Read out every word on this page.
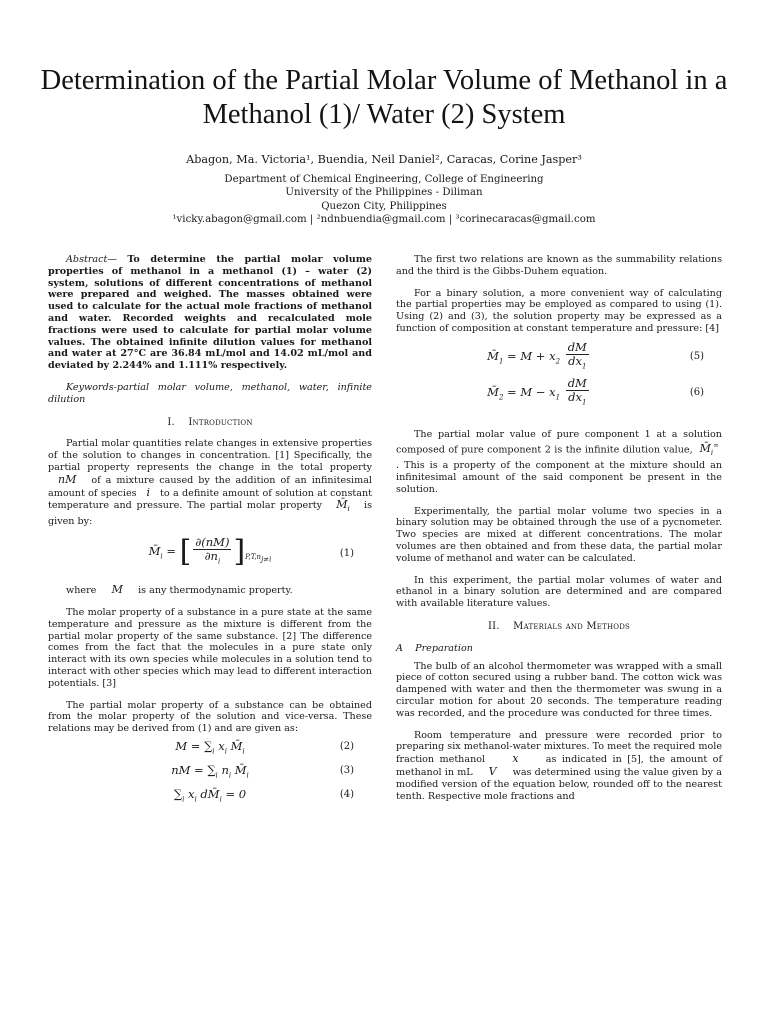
Determination of the Partial Molar Volume of Methanol in a Methanol (1)/ Water (2) System
Abagon, Ma. Victoria¹, Buendia, Neil Daniel², Caracas, Corine Jasper³
Department of Chemical Engineering, College of Engineering
University of the Philippines - Diliman
Quezon City, Philippines
¹vicky.abagon@gmail.com | ²ndnbuendia@gmail.com | ³corinecaracas@gmail.com

Abstract— To determine the partial molar volume properties of methanol in a methanol (1) – water (2) system, solutions of different concentrations of methanol were prepared and weighed. The masses obtained were used to calculate for the actual mole fractions of methanol and water. Recorded weights and recalculated mole fractions were used to calculate for partial molar volume values. The obtained infinite dilution values for methanol and water at 27°C are 36.84 mL/mol and 14.02 mL/mol and deviated by 2.244% and 1.111% respectively.

Keywords-partial molar volume, methanol, water, infinite dilution

I. Introduction

Partial molar quantities relate changes in extensive properties of the solution to changes in concentration. [1] Specifically, the partial property represents the change in the total property   nM of a mixture caused by the addition of an infinitesimal amount of species i to a definite amount of solution at constant temperature and pressure. The partial molar property $M̄_i$ is given by:

$M̄_i$ = [ $\frac{\partial(nM)}{\partial n_i} ]_{P,T,n_{j\ne i}}$	(1)

where M is any thermodynamic property.

The molar property of a substance in a pure state at the same temperature and pressure as the mixture is different from the partial molar property of the same substance. [2] The difference comes from the fact that the molecules in a pure state only interact with its own species while molecules in a solution tend to interact with other species which may lead to different interaction potentials. [3]

The partial molar property of a substance can be obtained from the molar property of the solution and vice-versa. These relations may be derived from (1) and are given as:

$M = \sum_i$ $x_i$ $M̄_i$	(2)
nM = $\sum_i$ $n_i$ $M̄_i$	(3)
$\sum_i$ $x_i$ $dM̄_i = 0$	(4)

The first two relations are known as the summability relations and the third is the Gibbs-Duhem equation.

For a binary solution, a more convenient way of calculating the partial properties may be employed as compared to using (1). Using (2) and (3), the solution property may be expressed as a function of composition at constant temperature and pressure: [4]

$M̄_1 = M + x_2 \frac{dM}{dx_1}$	(5)
$M̄_2 = M - x_1 \frac{dM}{dx_1}$	(6)

The partial molar value of pure component 1 at a solution composed of pure component 2 is the infinite dilution value, $M̄_i^\infty$  . This is a property of the component at the mixture should an infinitesimal amount of the said component be present in the solution.

Experimentally, the partial molar volume two species in a binary solution may be obtained through the use of a pycnometer. Two species are mixed at different concentrations. The molar volumes are then obtained and from these data, the partial molar volume of methanol and water can be calculated.

In this experiment, the partial molar volumes of water and ethanol in a binary solution are determined and are compared with available literature values.

II. Materials and Methods
A Preparation

The bulb of an alcohol thermometer was wrapped with a small piece of cotton secured using a rubber band. The cotton wick was dampened with water and then the thermometer was swung in a circular motion for about 20 seconds. The temperature reading was recorded, and the procedure was conducted for three times.

Room temperature and pressure were recorded prior to preparing six methanol-water mixtures. To meet the required mole fraction methanol x	as indicated in [5], the amount of methanol in mL V was determined using the value given by a modified version of the equation below, rounded off to the nearest tenth. Respective mole fractions and
